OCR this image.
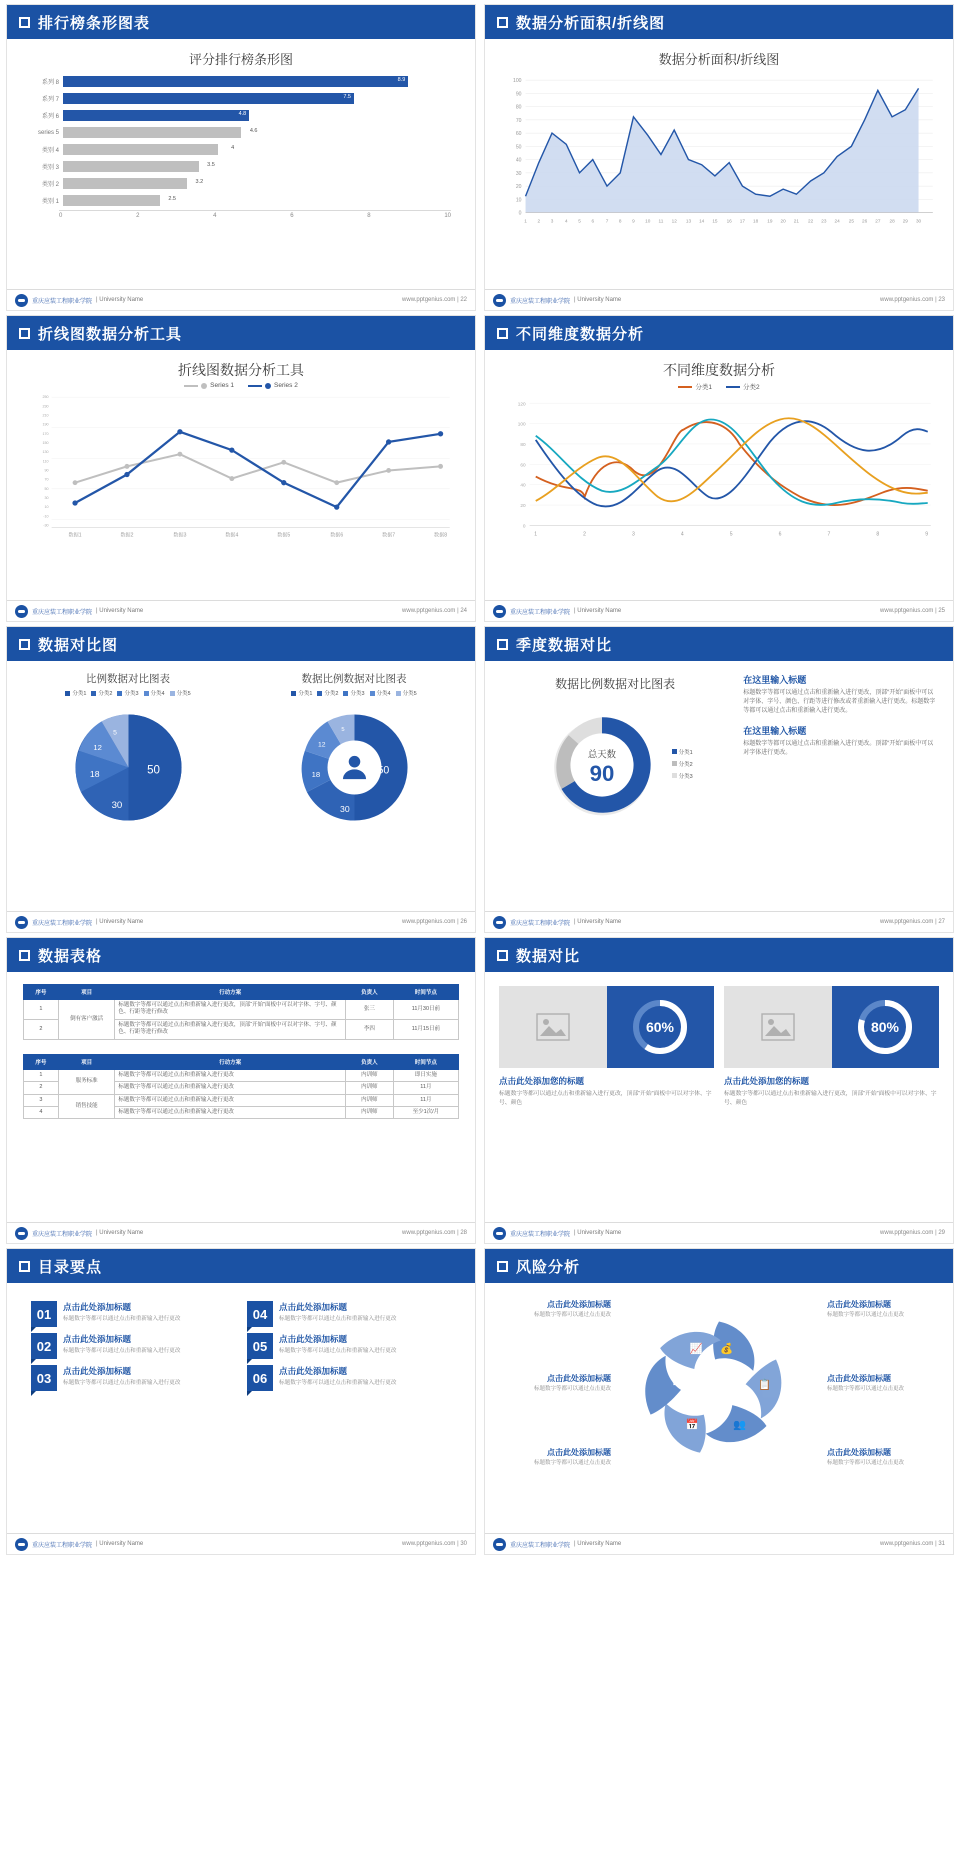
排行榜条形图表
评分排行榜条形图
系列 8	8.9
系列 7	7.5
系列 6	4.8
series 5	4.6
类别 4	4
类别 3	3.5
类别 2	3.2
类别 1	2.5
0	2	4	6	8	10
重庆应装工程职业学院 | University Name	www.pptgenius.com | 22
数据分析面积/折线图
数据分析面积/折线图
100
90
80
70
60
50
40
30
20
10
0
1 2 3	4 5 6	7 8 9 10 11 12 13 14 15 16 17 18 19 20 21 22 23 24 25 26 27 28 29 30
重庆应装工程职业学院 | University Name	www.pptgenius.com | 23
折线图数据分析工具
折线图数据分析工具
Series 1	Series 2
250
230
210
190
170
150
130
110
90
70
50
30
10
-10
-30
数据1	数据2	数据3	数据4	数据5	数据6	数据7	数据8
重庆应装工程职业学院 | University Name	www.pptgenius.com | 24
不同维度数据分析
不同维度数据分析
分类1	分类2
120
100
80
60
40
20
0
1	2	3	4	5	6	7	8	9
重庆应装工程职业学院 | University Name	www.pptgenius.com | 25
数据对比图
比例数据对比图表
分类1 分类2 分类3 分类4 分类5
50
30
18
12
5
数据比例数据对比图表
分类1 分类2 分类3 分类4 分类5
50
30
18
12
5
重庆应装工程职业学院 | University Name	www.pptgenius.com | 26
季度数据对比
数据比例数据对比图表
总天数
90
分类1
分类2
分类3
在这里输入标题

标题数字等都可以通过点击和重新输入进行更改，顶部“开始”面板中可以对字体、字号、颜色、行距等进行修改或者重新输入进行更改。标题数字等都可以通过点击和重新输入进行更改。

在这里输入标题

标题数字等都可以通过点击和重新输入进行更改。顶部“开始”面板中可以对字体进行更改。

重庆应装工程职业学院 | University Name	www.pptgenius.com | 27
数据表格
序号	项目	行动方案	负责人	时间节点
1	倒有客户激活	标题数字等都可以通过点击和重新输入进行更改，顶部“开始”面板中可以对字体、字号、颜色、行距等进行修改	张三	11月30日前
2		标题数字等都可以通过点击和重新输入进行更改，顶部“开始”面板中可以对字体、字号、颜色、行距等进行修改	李四	11月15日前
序号	项目	行动方案	负责人	时间节点
1	服务标准	标题数字等都可以通过点击和重新输入进行更改	内训师	即日实施
2		标题数字等都可以通过点击和重新输入进行更改	内训师	11月
3	销售技能	标题数字等都可以通过点击和重新输入进行更改	内训师	11月
4		标题数字等都可以通过点击和重新输入进行更改	内训师	至少1次/月
重庆应装工程职业学院 | University Name	www.pptgenius.com | 28
数据对比
60%
点击此处添加您的标题
标题数字等都可以通过点击和重新输入进行更改，顶部“开始”面板中可以对字体、字号、颜色
80%
点击此处添加您的标题
标题数字等都可以通过点击和重新输入进行更改，顶部“开始”面板中可以对字体、字号、颜色
重庆应装工程职业学院 | University Name	www.pptgenius.com | 29
目录要点
01	点击此处添加标题

标题数字等都可以通过点击和重新输入进行更改	04	点击此处添加标题

标题数字等都可以通过点击和重新输入进行更改

02	点击此处添加标题

标题数字等都可以通过点击和重新输入进行更改	05	点击此处添加标题

标题数字等都可以通过点击和重新输入进行更改

03	点击此处添加标题

标题数字等都可以通过点击和重新输入进行更改	06	点击此处添加标题

标题数字等都可以通过点击和重新输入进行更改

重庆应装工程职业学院 | University Name	www.pptgenius.com | 30
风险分析
💰
📋
👥
📅
◔
📈
点击此处添加标题

标题数字等都可以通过点击更改

点击此处添加标题

标题数字等都可以通过点击更改

点击此处添加标题

标题数字等都可以通过点击更改

点击此处添加标题

标题数字等都可以通过点击更改

点击此处添加标题

标题数字等都可以通过点击更改

点击此处添加标题

标题数字等都可以通过点击更改

重庆应装工程职业学院 | University Name	www.pptgenius.com | 31
